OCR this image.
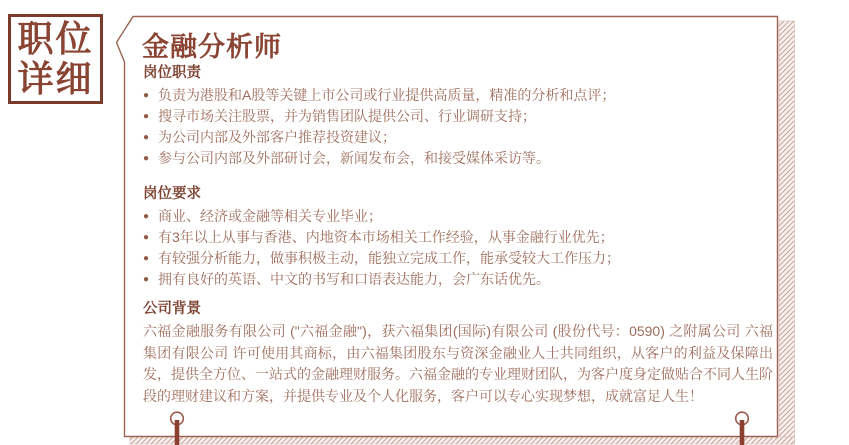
职位
详细
金融分析师
岗位职责
● 负责为港股和A股等关键上市公司或行业提供高质量，精准的分析和点评；
● 搜寻市场关注股票，并为销售团队提供公司、行业调研支持；
● 为公司内部及外部客户推荐投资建议；
● 参与公司内部及外部研讨会，新闻发布会，和接受媒体采访等。
岗位要求
● 商业、经济或金融等相关专业毕业；
● 有3年以上从事与香港、内地资本市场相关工作经验，从事金融行业优先；
● 有较强分析能力，做事积极主动，能独立完成工作，能承受较大工作压力；
● 拥有良好的英语、中文的书写和口语表达能力，会广东话优先。
公司背景

六福金融服务有限公司 ("六福金融")，获六福集团(国际)有限公司 (股份代号：0590) 之附属公司 六福集团有限公司 许可使用其商标，由六福集团股东与资深金融业人士共同组织，从客户的利益及保障出发，提供全方位、一站式的金融理财服务。六福金融的专业理财团队，为客户度身定做贴合不同人生阶段的理财建议和方案，并提供专业及个人化服务，客户可以专心实现梦想，成就富足人生！
